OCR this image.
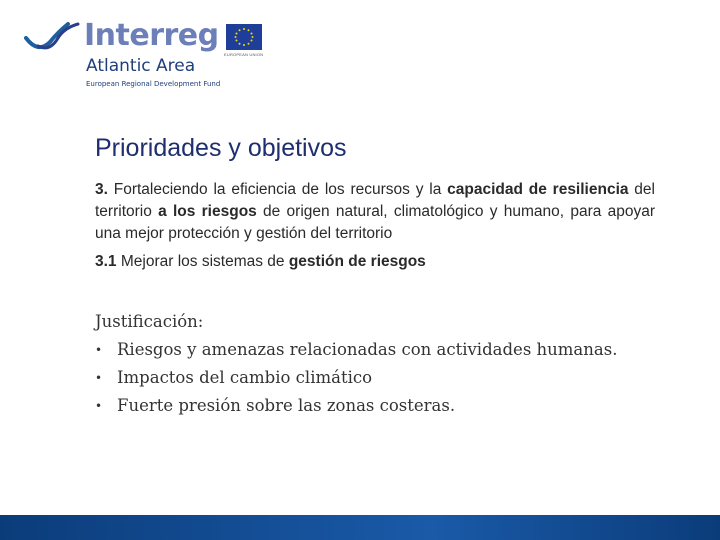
Interreg
EUROPEAN UNION
Atlantic Area
European Regional Development Fund
Prioridades y objetivos

3. Fortaleciendo la eficiencia de los recursos y la capacidad de resiliencia del territorio a los riesgos de origen natural, climatológico y humano, para apoyar una mejor protección y gestión del territorio

3.1 Mejorar los sistemas de gestión de riesgos

Justificación:

• Riesgos y amenazas relacionadas con actividades humanas.
• Impactos del cambio climático
• Fuerte presión sobre las zonas costeras.
